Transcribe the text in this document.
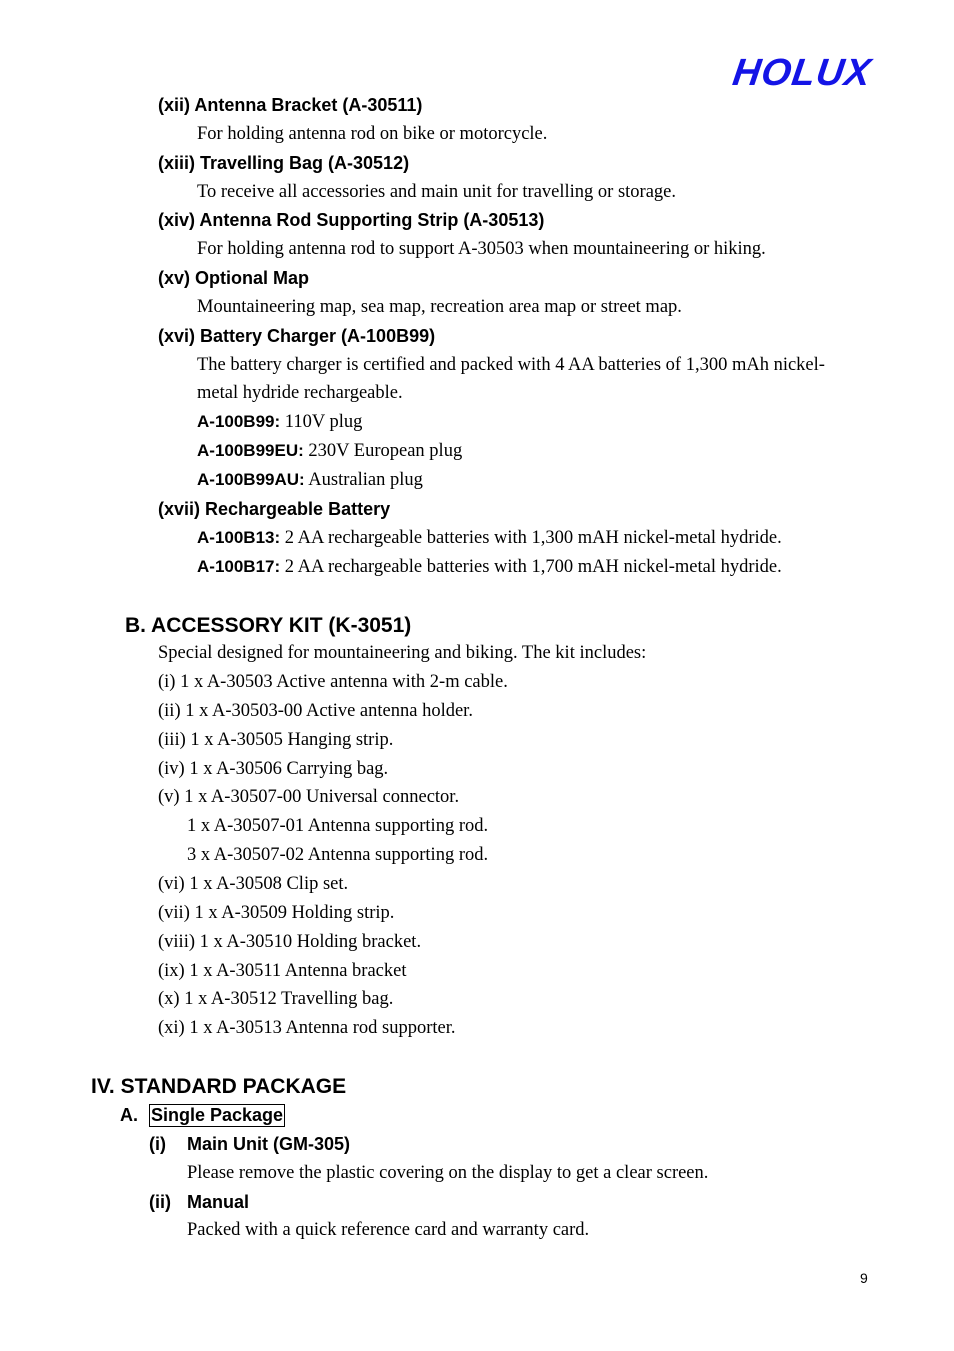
HOLUX
(xii) Antenna Bracket (A-30511)
For holding antenna rod on bike or motorcycle.
(xiii) Travelling Bag (A-30512)
To receive all accessories and main unit for travelling or storage.
(xiv) Antenna Rod Supporting Strip (A-30513)
For holding antenna rod to support A-30503 when mountaineering or hiking.
(xv) Optional Map
Mountaineering map, sea map, recreation area map or street map.
(xvi) Battery Charger (A-100B99)
The battery charger is certified and packed with 4 AA batteries of 1,300 mAh nickel-
metal hydride rechargeable.
A-100B99: 110V plug
A-100B99EU: 230V European plug
A-100B99AU: Australian plug
(xvii) Rechargeable Battery
A-100B13: 2 AA rechargeable batteries with 1,300 mAH nickel-metal hydride.
A-100B17: 2 AA rechargeable batteries with 1,700 mAH nickel-metal hydride.
B. ACCESSORY KIT (K-3051)
Special designed for mountaineering and biking. The kit includes:
(i) 1 x A-30503 Active antenna with 2-m cable.
(ii) 1 x A-30503-00 Active antenna holder.
(iii) 1 x A-30505 Hanging strip.
(iv) 1 x A-30506 Carrying bag.
(v) 1 x A-30507-00 Universal connector.
1 x A-30507-01 Antenna supporting rod.
3 x A-30507-02 Antenna supporting rod.
(vi) 1 x A-30508 Clip set.
(vii) 1 x A-30509 Holding strip.
(viii) 1 x A-30510 Holding bracket.
(ix) 1 x A-30511 Antenna bracket
(x) 1 x A-30512 Travelling bag.
(xi) 1 x A-30513 Antenna rod supporter.
IV. STANDARD PACKAGE
A. Single Package
(i) Main Unit (GM-305)
Please remove the plastic covering on the display to get a clear screen.
(ii) Manual
Packed with a quick reference card and warranty card.
9
